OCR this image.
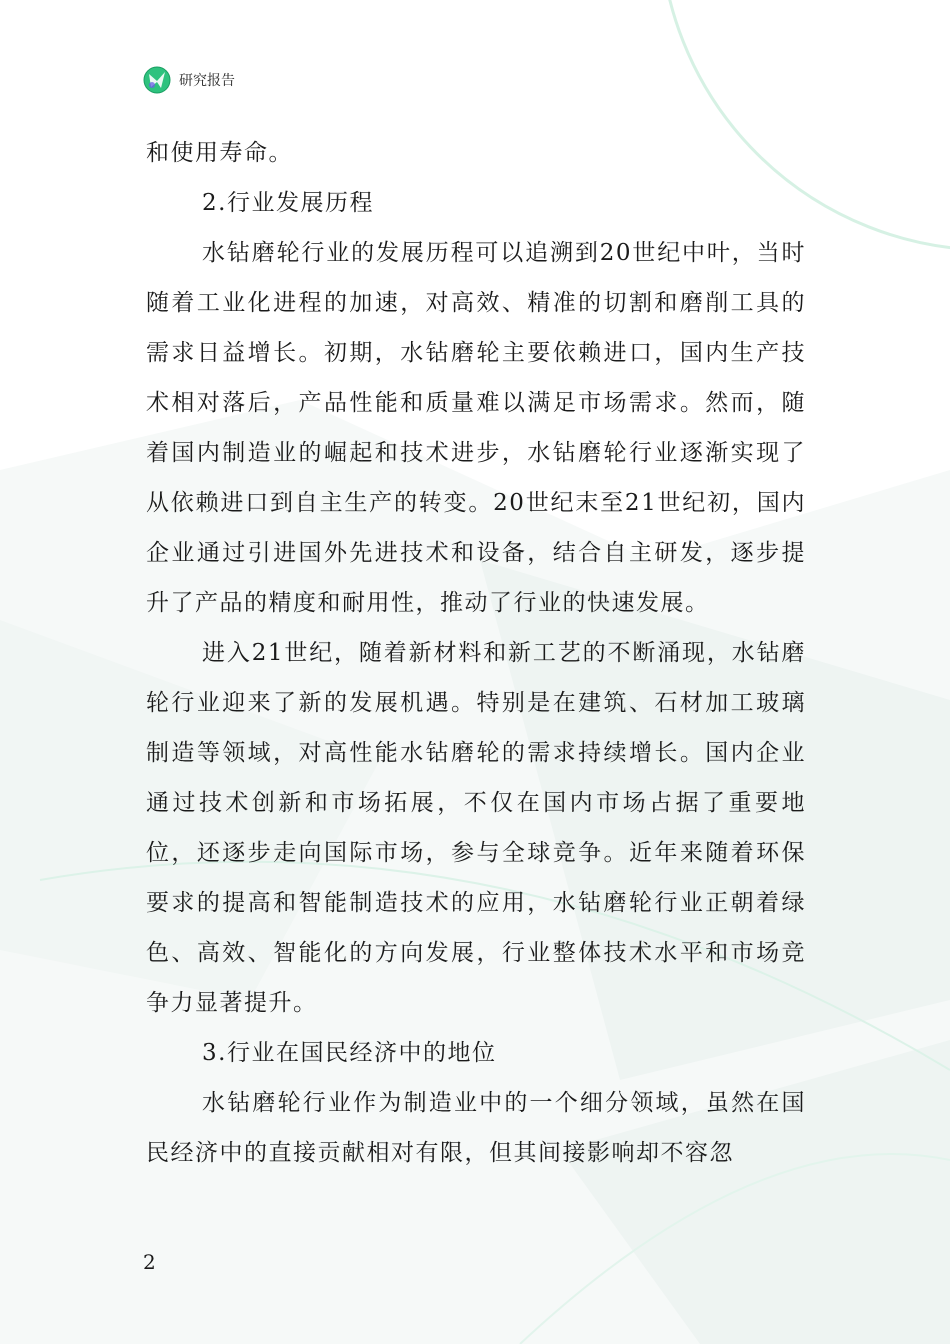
研究报告

和使用寿命。

2.行业发展历程

水钻磨轮行业的发展历程可以追溯到20世纪中叶，当时随着工业化进程的加速，对高效、精准的切割和磨削工具的需求日益增长。初期，水钻磨轮主要依赖进口，国内生产技术相对落后，产品性能和质量难以满足市场需求。然而，随着国内制造业的崛起和技术进步，水钻磨轮行业逐渐实现了从依赖进口到自主生产的转变。20世纪末至21世纪初，国内企业通过引进国外先进技术和设备，结合自主研发，逐步提升了产品的精度和耐用性，推动了行业的快速发展。

进入21世纪，随着新材料和新工艺的不断涌现，水钻磨轮行业迎来了新的发展机遇。特别是在建筑、石材加工玻璃制造等领域，对高性能水钻磨轮的需求持续增长。国内企业通过技术创新和市场拓展，不仅在国内市场占据了重要地位，还逐步走向国际市场，参与全球竞争。近年来随着环保要求的提高和智能制造技术的应用，水钻磨轮行业正朝着绿色、高效、智能化的方向发展，行业整体技术水平和市场竞争力显著提升。

3.行业在国民经济中的地位

水钻磨轮行业作为制造业中的一个细分领域，虽然在国民经济中的直接贡献相对有限，但其间接影响却不容忽

2
